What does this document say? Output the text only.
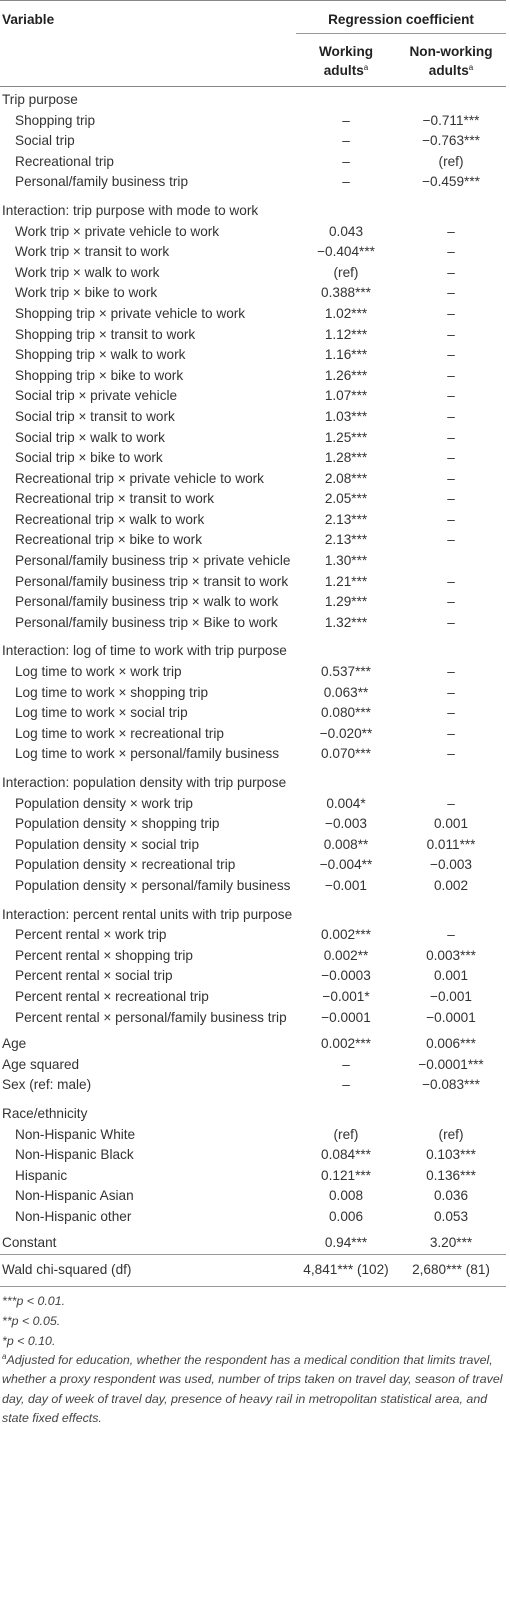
Variable	Regression coefficient	
	Working adults$^a$	Non-working adults$^a$
Trip purpose		
Shopping trip	–	−0.711***
Social trip	–	−0.763***
Recreational trip	–	(ref)
Personal/family business trip	–	−0.459***
Interaction: trip purpose with mode to work		
Work trip × private vehicle to work	0.043	–
Work trip × transit to work	−0.404***	–
Work trip × walk to work	(ref)	–
Work trip × bike to work	0.388***	–
Shopping trip × private vehicle to work	1.02***	–
Shopping trip × transit to work	1.12***	–
Shopping trip × walk to work	1.16***	–
Shopping trip × bike to work	1.26***	–
Social trip × private vehicle	1.07***	–
Social trip × transit to work	1.03***	–
Social trip × walk to work	1.25***	–
Social trip × bike to work	1.28***	–
Recreational trip × private vehicle to work	2.08***	–
Recreational trip × transit to work	2.05***	–
Recreational trip × walk to work	2.13***	–
Recreational trip × bike to work	2.13***	–
Personal/family business trip × private vehicle	1.30***	
Personal/family business trip × transit to work	1.21***	–
Personal/family business trip × walk to work	1.29***	–
Personal/family business trip × Bike to work	1.32***	–
Interaction: log of time to work with trip purpose		
Log time to work × work trip	0.537***	–
Log time to work × shopping trip	0.063**	–
Log time to work × social trip	0.080***	–
Log time to work × recreational trip	−0.020**	–
Log time to work × personal/family business	0.070***	–
Interaction: population density with trip purpose		
Population density × work trip	0.004*	–
Population density × shopping trip	−0.003	0.001
Population density × social trip	0.008**	0.011***
Population density × recreational trip	−0.004**	−0.003
Population density × personal/family business	−0.001	0.002
Interaction: percent rental units with trip purpose		
Percent rental × work trip	0.002***	–
Percent rental × shopping trip	0.002**	0.003***
Percent rental × social trip	−0.0003	0.001
Percent rental × recreational trip	−0.001*	−0.001
Percent rental × personal/family business trip	−0.0001	−0.0001
Age	0.002***	0.006***
Age squared	–	−0.0001***
Sex (ref: male)	–	−0.083***
Race/ethnicity		
Non-Hispanic White	(ref)	(ref)
Non-Hispanic Black	0.084***	0.103***
Hispanic	0.121***	0.136***
Non-Hispanic Asian	0.008	0.036
Non-Hispanic other	0.006	0.053
Constant	0.94***	3.20***
Wald chi-squared (df)	4,841*** (102)	2,680*** (81)
***p < 0.01.
**p < 0.05.
*p < 0.10.
$^a$Adjusted for education, whether the respondent has a medical condition that limits travel, whether a proxy respondent was used, number of trips taken on travel day, season of travel day, day of week of travel day, presence of heavy rail in metropolitan statistical area, and state fixed effects.
